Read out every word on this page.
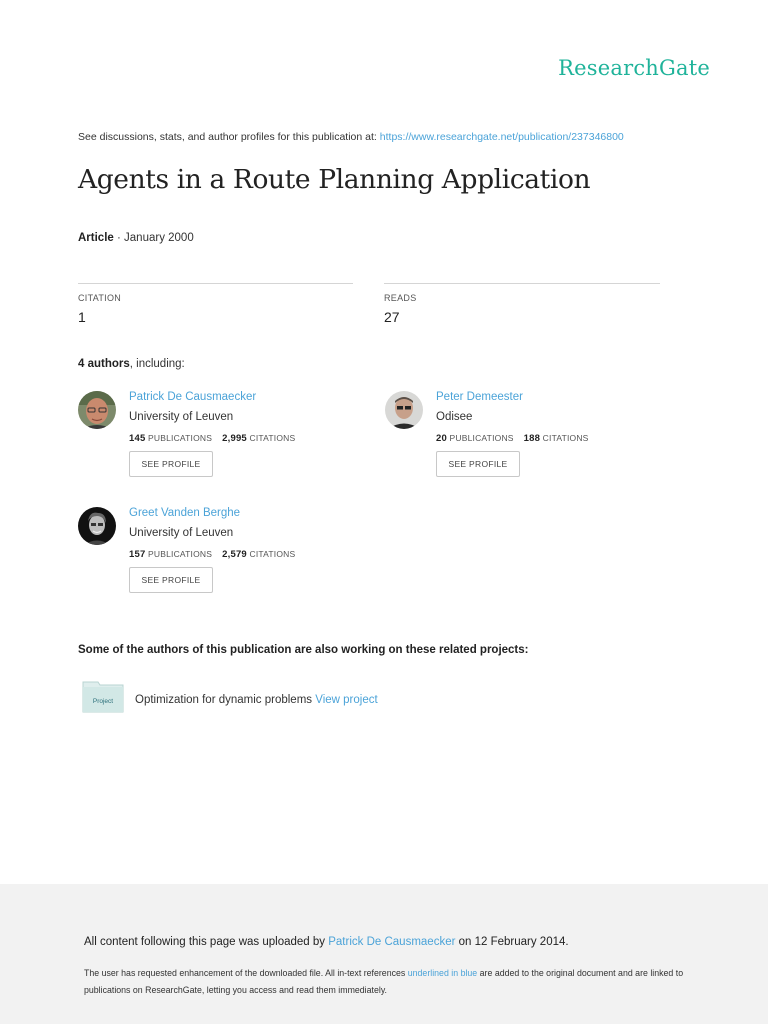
ResearchGate
See discussions, stats, and author profiles for this publication at: https://www.researchgate.net/publication/237346800
Agents in a Route Planning Application
Article · January 2000
CITATION
1
READS
27
4 authors, including:
Patrick De Causmaecker
University of Leuven
145 PUBLICATIONS 2,995 CITATIONS
SEE PROFILE
Peter Demeester
Odisee
20 PUBLICATIONS 188 CITATIONS
SEE PROFILE
Greet Vanden Berghe
University of Leuven
157 PUBLICATIONS 2,579 CITATIONS
SEE PROFILE
Some of the authors of this publication are also working on these related projects:
Project Optimization for dynamic problems View project
All content following this page was uploaded by Patrick De Causmaecker on 12 February 2014.
The user has requested enhancement of the downloaded file. All in-text references underlined in blue are added to the original document and are linked to publications on ResearchGate, letting you access and read them immediately.
